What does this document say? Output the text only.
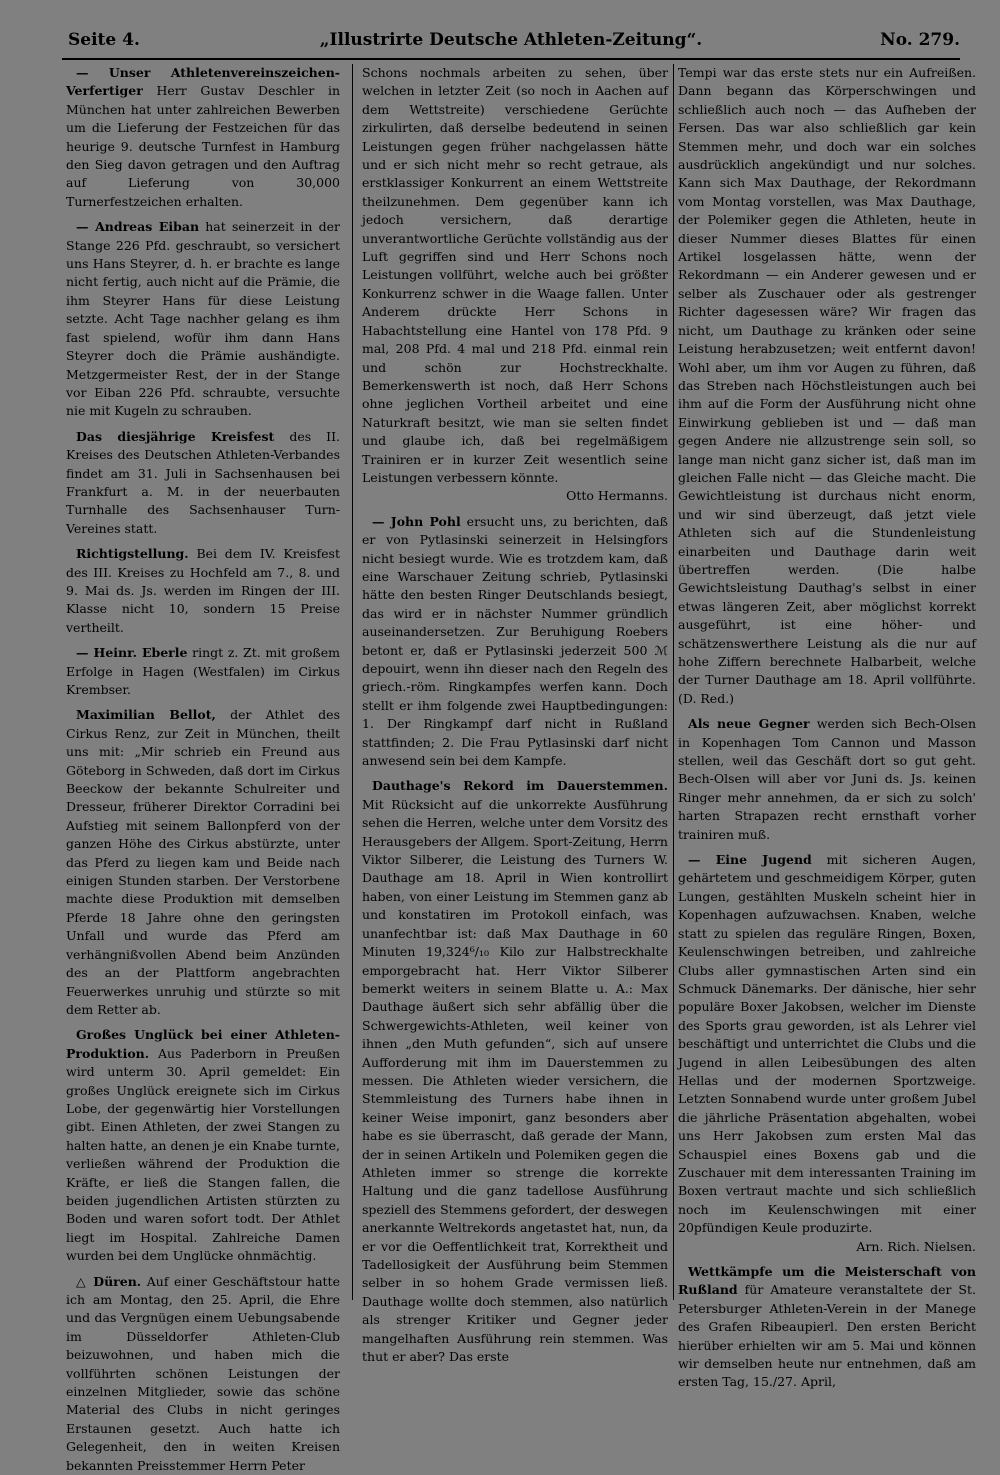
Seite 4.	„Illustrirte Deutsche Athleten-Zeitung“.	No. 279.

— Unser Athletenvereinszeichen-Verfertiger Herr Gustav Deschler in München hat unter zahlreichen Bewerben um die Lieferung der Festzeichen für das heurige 9. deutsche Turnfest in Hamburg den Sieg davon getragen und den Auftrag auf Lieferung von 30,000 Turnerfestzeichen erhalten.

— Andreas Eiban hat seinerzeit in der Stange 226 Pfd. geschraubt, so versichert uns Hans Steyrer, d. h. er brachte es lange nicht fertig, auch nicht auf die Prämie, die ihm Steyrer Hans für diese Leistung setzte. Acht Tage nachher gelang es ihm fast spielend, wofür ihm dann Hans Steyrer doch die Prämie aushändigte. Metzgermeister Rest, der in der Stange vor Eiban 226 Pfd. schraubte, versuchte nie mit Kugeln zu schrauben.

Das diesjährige Kreisfest des II. Kreises des Deutschen Athleten-Verbandes findet am 31. Juli in Sachsenhausen bei Frankfurt a. M. in der neuerbauten Turnhalle des Sachsenhauser Turn-Vereines statt.

Richtigstellung. Bei dem IV. Kreisfest des III. Kreises zu Hochfeld am 7., 8. und 9. Mai ds. Js. werden im Ringen der III. Klasse nicht 10, sondern 15 Preise vertheilt.

— Heinr. Eberle ringt z. Zt. mit großem Erfolge in Hagen (Westfalen) im Cirkus Krembser.

Maximilian Bellot, der Athlet des Cirkus Renz, zur Zeit in München, theilt uns mit: „Mir schrieb ein Freund aus Göteborg in Schweden, daß dort im Cirkus Beeckow der bekannte Schulreiter und Dresseur, früherer Direktor Corradini bei Aufstieg mit seinem Ballonpferd von der ganzen Höhe des Cirkus abstürzte, unter das Pferd zu liegen kam und Beide nach einigen Stunden starben. Der Verstorbene machte diese Produktion mit demselben Pferde 18 Jahre ohne den geringsten Unfall und wurde das Pferd am verhängnißvollen Abend beim Anzünden des an der Plattform angebrachten Feuerwerkes unruhig und stürzte so mit dem Retter ab.

Großes Unglück bei einer Athleten-Produktion. Aus Paderborn in Preußen wird unterm 30. April gemeldet: Ein großes Unglück ereignete sich im Cirkus Lobe, der gegenwärtig hier Vorstellungen gibt. Einen Athleten, der zwei Stangen zu halten hatte, an denen je ein Knabe turnte, verließen während der Produktion die Kräfte, er ließ die Stangen fallen, die beiden jugendlichen Artisten stürzten zu Boden und waren sofort todt. Der Athlet liegt im Hospital. Zahlreiche Damen wurden bei dem Unglücke ohnmächtig.

△ Düren. Auf einer Geschäftstour hatte ich am Montag, den 25. April, die Ehre und das Vergnügen einem Uebungsabende im Düsseldorfer Athleten-Club beizuwohnen, und haben mich die vollführten schönen Leistungen der einzelnen Mitglieder, sowie das schöne Material des Clubs in nicht geringes Erstaunen gesetzt. Auch hatte ich Gelegenheit, den in weiten Kreisen bekannten Preisstemmer Herrn Peter

Schons nochmals arbeiten zu sehen, über welchen in letzter Zeit (so noch in Aachen auf dem Wettstreite) verschiedene Gerüchte zirkulirten, daß derselbe bedeutend in seinen Leistungen gegen früher nachgelassen hätte und er sich nicht mehr so recht getraue, als erstklassiger Konkurrent an einem Wettstreite theilzunehmen. Dem gegenüber kann ich jedoch versichern, daß derartige unverantwortliche Gerüchte vollständig aus der Luft gegriffen sind und Herr Schons noch Leistungen vollführt, welche auch bei größter Konkurrenz schwer in die Waage fallen. Unter Anderem drückte Herr Schons in Habachtstellung eine Hantel von 178 Pfd. 9 mal, 208 Pfd. 4 mal und 218 Pfd. einmal rein und schön zur Hochstreckhalte. Bemerkenswerth ist noch, daß Herr Schons ohne jeglichen Vortheil arbeitet und eine Naturkraft besitzt, wie man sie selten findet und glaube ich, daß bei regelmäßigem Trainiren er in kurzer Zeit wesentlich seine Leistungen verbessern könnte.
Otto Hermanns.

— John Pohl ersucht uns, zu berichten, daß er von Pytlasinski seinerzeit in Helsingfors nicht besiegt wurde. Wie es trotzdem kam, daß eine Warschauer Zeitung schrieb, Pytlasinski hätte den besten Ringer Deutschlands besiegt, das wird er in nächster Nummer gründlich auseinandersetzen. Zur Beruhigung Roebers betont er, daß er Pytlasinski jederzeit 500 ℳ depouirt, wenn ihn dieser nach den Regeln des griech.-röm. Ringkampfes werfen kann. Doch stellt er ihm folgende zwei Hauptbedingungen: 1. Der Ringkampf darf nicht in Rußland stattfinden; 2. Die Frau Pytlasinski darf nicht anwesend sein bei dem Kampfe.

Dauthage's Rekord im Dauerstemmen. Mit Rücksicht auf die unkorrekte Ausführung sehen die Herren, welche unter dem Vorsitz des Herausgebers der Allgem. Sport-Zeitung, Herrn Viktor Silberer, die Leistung des Turners W. Dauthage am 18. April in Wien kontrollirt haben, von einer Leistung im Stemmen ganz ab und konstatiren im Protokoll einfach, was unanfechtbar ist: daß Max Dauthage in 60 Minuten 19,324⁶/₁₀ Kilo zur Halbstreckhalte emporgebracht hat. Herr Viktor Silberer bemerkt weiters in seinem Blatte u. A.: Max Dauthage äußert sich sehr abfällig über die Schwergewichts-Athleten, weil keiner von ihnen „den Muth gefunden“, sich auf unsere Aufforderung mit ihm im Dauerstemmen zu messen. Die Athleten wieder versichern, die Stemmleistung des Turners habe ihnen in keiner Weise imponirt, ganz besonders aber habe es sie überrascht, daß gerade der Mann, der in seinen Artikeln und Polemiken gegen die Athleten immer so strenge die korrekte Haltung und die ganz tadellose Ausführung speziell des Stemmens gefordert, der deswegen anerkannte Weltrekords angetastet hat, nun, da er vor die Oeffentlichkeit trat, Korrektheit und Tadellosigkeit der Ausführung beim Stemmen selber in so hohem Grade vermissen ließ. Dauthage wollte doch stemmen, also natürlich als strenger Kritiker und Gegner jeder mangelhaften Ausführung rein stemmen. Was thut er aber? Das erste

Tempi war das erste stets nur ein Aufreißen. Dann begann das Körperschwingen und schließlich auch noch — das Aufheben der Fersen. Das war also schließlich gar kein Stemmen mehr, und doch war ein solches ausdrücklich angekündigt und nur solches. Kann sich Max Dauthage, der Rekordmann vom Montag vorstellen, was Max Dauthage, der Polemiker gegen die Athleten, heute in dieser Nummer dieses Blattes für einen Artikel losgelassen hätte, wenn der Rekordmann — ein Anderer gewesen und er selber als Zuschauer oder als gestrenger Richter dagesessen wäre? Wir fragen das nicht, um Dauthage zu kränken oder seine Leistung herabzusetzen; weit entfernt davon! Wohl aber, um ihm vor Augen zu führen, daß das Streben nach Höchstleistungen auch bei ihm auf die Form der Ausführung nicht ohne Einwirkung geblieben ist und — daß man gegen Andere nie allzustrenge sein soll, so lange man nicht ganz sicher ist, daß man im gleichen Falle nicht — das Gleiche macht. Die Gewichtleistung ist durchaus nicht enorm, und wir sind überzeugt, daß jetzt viele Athleten sich auf die Stundenleistung einarbeiten und Dauthage darin weit übertreffen werden. (Die halbe Gewichtsleistung Dauthag's selbst in einer etwas längeren Zeit, aber möglichst korrekt ausgeführt, ist eine höher- und schätzenswerthere Leistung als die nur auf hohe Ziffern berechnete Halbarbeit, welche der Turner Dauthage am 18. April vollführte. (D. Red.)

Als neue Gegner werden sich Bech-Olsen in Kopenhagen Tom Cannon und Masson stellen, weil das Geschäft dort so gut geht. Bech-Olsen will aber vor Juni ds. Js. keinen Ringer mehr annehmen, da er sich zu solch' harten Strapazen recht ernsthaft vorher trainiren muß.

— Eine Jugend mit sicheren Augen, gehärtetem und geschmeidigem Körper, guten Lungen, gestählten Muskeln scheint hier in Kopenhagen aufzuwachsen. Knaben, welche statt zu spielen das reguläre Ringen, Boxen, Keulenschwingen betreiben, und zahlreiche Clubs aller gymnastischen Arten sind ein Schmuck Dänemarks. Der dänische, hier sehr populäre Boxer Jakobsen, welcher im Dienste des Sports grau geworden, ist als Lehrer viel beschäftigt und unterrichtet die Clubs und die Jugend in allen Leibesübungen des alten Hellas und der modernen Sportzweige. Letzten Sonnabend wurde unter großem Jubel die jährliche Präsentation abgehalten, wobei uns Herr Jakobsen zum ersten Mal das Schauspiel eines Boxens gab und die Zuschauer mit dem interessanten Training im Boxen vertraut machte und sich schließlich noch im Keulenschwingen mit einer 20pfündigen Keule produzirte.
Arn. Rich. Nielsen.

Wettkämpfe um die Meisterschaft von Rußland für Amateure veranstaltete der St. Petersburger Athleten-Verein in der Manege des Grafen Ribeaupierl. Den ersten Bericht hierüber erhielten wir am 5. Mai und können wir demselben heute nur entnehmen, daß am ersten Tag, 15./27. April,
